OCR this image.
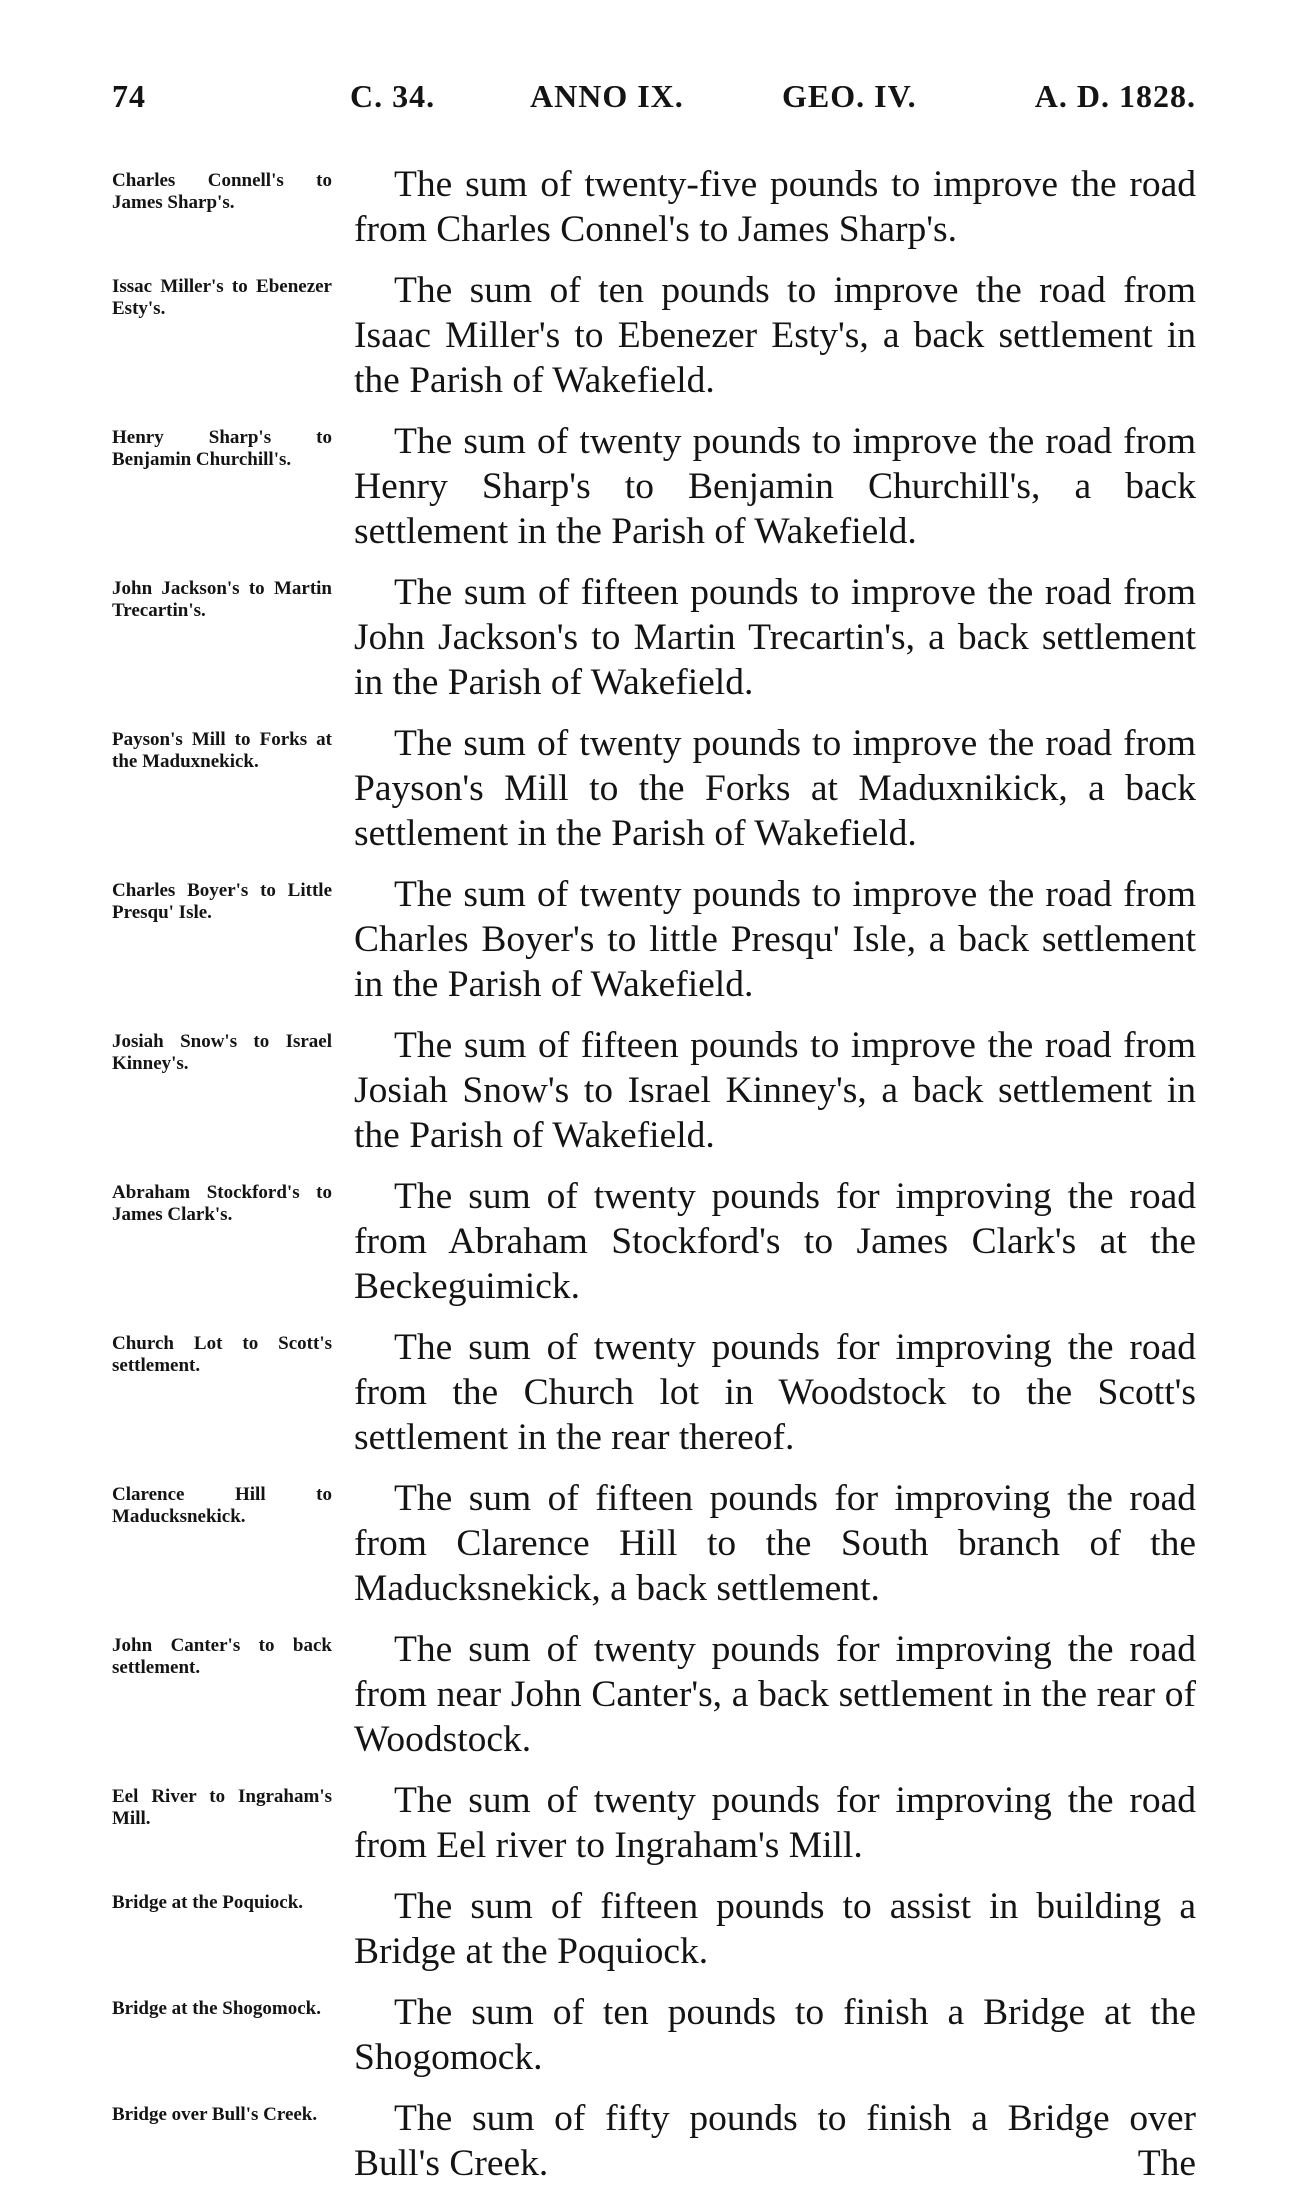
74	C. 34.	ANNO IX.	GEO. IV.	A. D. 1828.
Charles Connell's to James Sharp's.	The sum of twenty-five pounds to improve the road from Charles Connel's to James Sharp's.
Issac Miller's to Ebenezer Esty's.	The sum of ten pounds to improve the road from Isaac Miller's to Ebenezer Esty's, a back settlement in the Parish of Wakefield.
Henry Sharp's to Benjamin Churchill's.	The sum of twenty pounds to improve the road from Henry Sharp's to Benjamin Churchill's, a back settlement in the Parish of Wakefield.
John Jackson's to Martin Trecartin's.	The sum of fifteen pounds to improve the road from John Jackson's to Martin Trecartin's, a back settlement in the Parish of Wakefield.
Payson's Mill to Forks at the Maduxnekick.	The sum of twenty pounds to improve the road from Payson's Mill to the Forks at Maduxnikick, a back settlement in the Parish of Wakefield.
Charles Boyer's to Little Presqu' Isle.	The sum of twenty pounds to improve the road from Charles Boyer's to little Presqu' Isle, a back settlement in the Parish of Wakefield.
Josiah Snow's to Israel Kinney's.	The sum of fifteen pounds to improve the road from Josiah Snow's to Israel Kinney's, a back settlement in the Parish of Wakefield.
Abraham Stockford's to James Clark's.	The sum of twenty pounds for improving the road from Abraham Stockford's to James Clark's at the Beckeguimick.
Church Lot to Scott's settlement.	The sum of twenty pounds for improving the road from the Church lot in Woodstock to the Scott's settlement in the rear thereof.
Clarence Hill to Maducksnekick.	The sum of fifteen pounds for improving the road from Clarence Hill to the South branch of the Maducksnekick, a back settlement.
John Canter's to back settlement.	The sum of twenty pounds for improving the road from near John Canter's, a back settlement in the rear of Woodstock.
Eel River to Ingraham's Mill.	The sum of twenty pounds for improving the road from Eel river to Ingraham's Mill.
Bridge at the Poquiock.	The sum of fifteen pounds to assist in building a Bridge at the Poquiock.
Bridge at the Shogomock.	The sum of ten pounds to finish a Bridge at the Shogomock.
Bridge over Bull's Creek.	The sum of fifty pounds to finish a Bridge over Bull's Creek.	The
